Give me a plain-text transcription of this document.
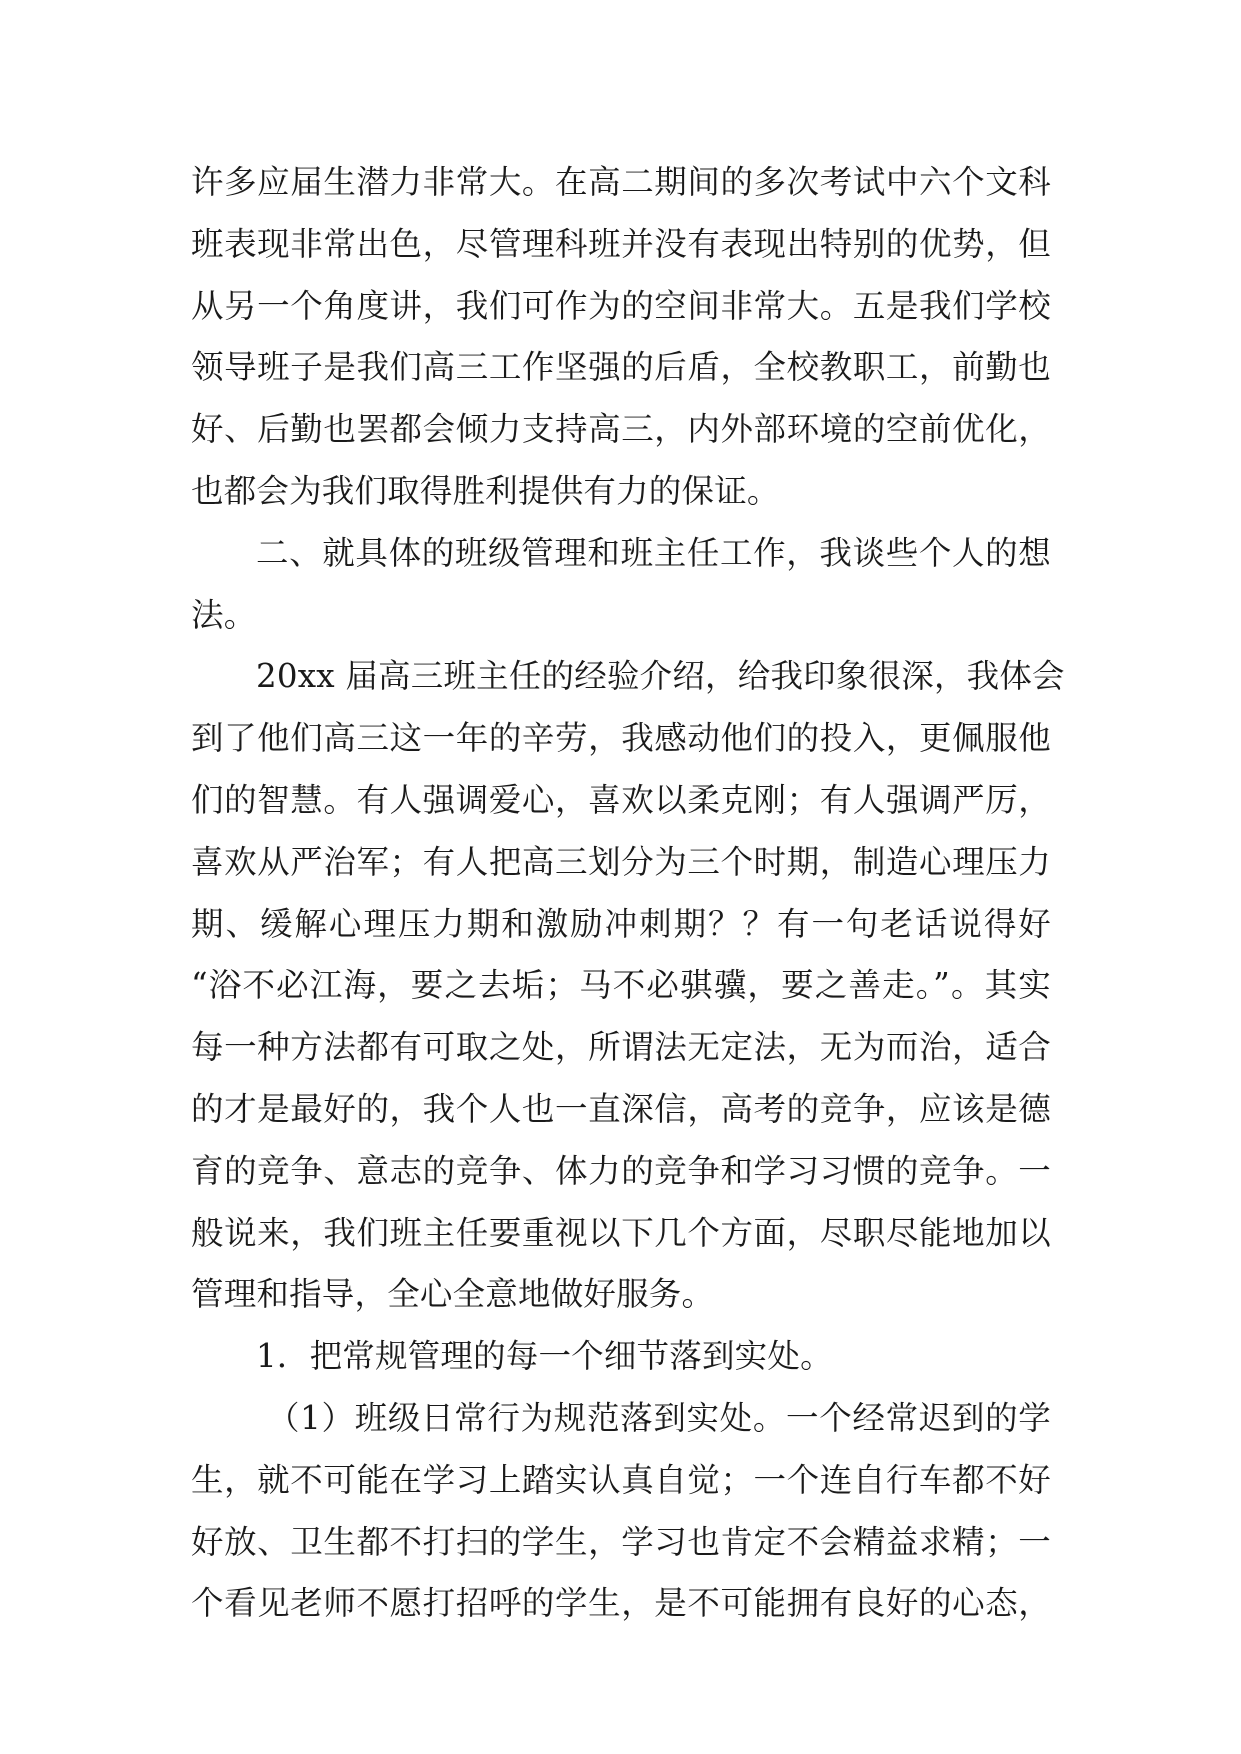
许多应届生潜力非常大。在高二期间的多次考试中六个文科
班表现非常出色，尽管理科班并没有表现出特别的优势，但
从另一个角度讲，我们可作为的空间非常大。五是我们学校
领导班子是我们高三工作坚强的后盾，全校教职工，前勤也
好、后勤也罢都会倾力支持高三，内外部环境的空前优化，
也都会为我们取得胜利提供有力的保证。
二、就具体的班级管理和班主任工作，我谈些个人的想
法。
20xx 届高三班主任的经验介绍，给我印象很深，我体会
到了他们高三这一年的辛劳，我感动他们的投入，更佩服他
们的智慧。有人强调爱心，喜欢以柔克刚；有人强调严厉，
喜欢从严治军；有人把高三划分为三个时期，制造心理压力
期、缓解心理压力期和激励冲刺期？？有一句老话说得好
“浴不必江海，要之去垢；马不必骐骥，要之善走。”。其实
每一种方法都有可取之处，所谓法无定法，无为而治，适合
的才是最好的，我个人也一直深信，高考的竞争，应该是德
育的竞争、意志的竞争、体力的竞争和学习习惯的竞争。一
般说来，我们班主任要重视以下几个方面，尽职尽能地加以
管理和指导，全心全意地做好服务。
1．把常规管理的每一个细节落到实处。
（1）班级日常行为规范落到实处。一个经常迟到的学
生，就不可能在学习上踏实认真自觉；一个连自行车都不好
好放、卫生都不打扫的学生，学习也肯定不会精益求精；一
个看见老师不愿打招呼的学生，是不可能拥有良好的心态，
